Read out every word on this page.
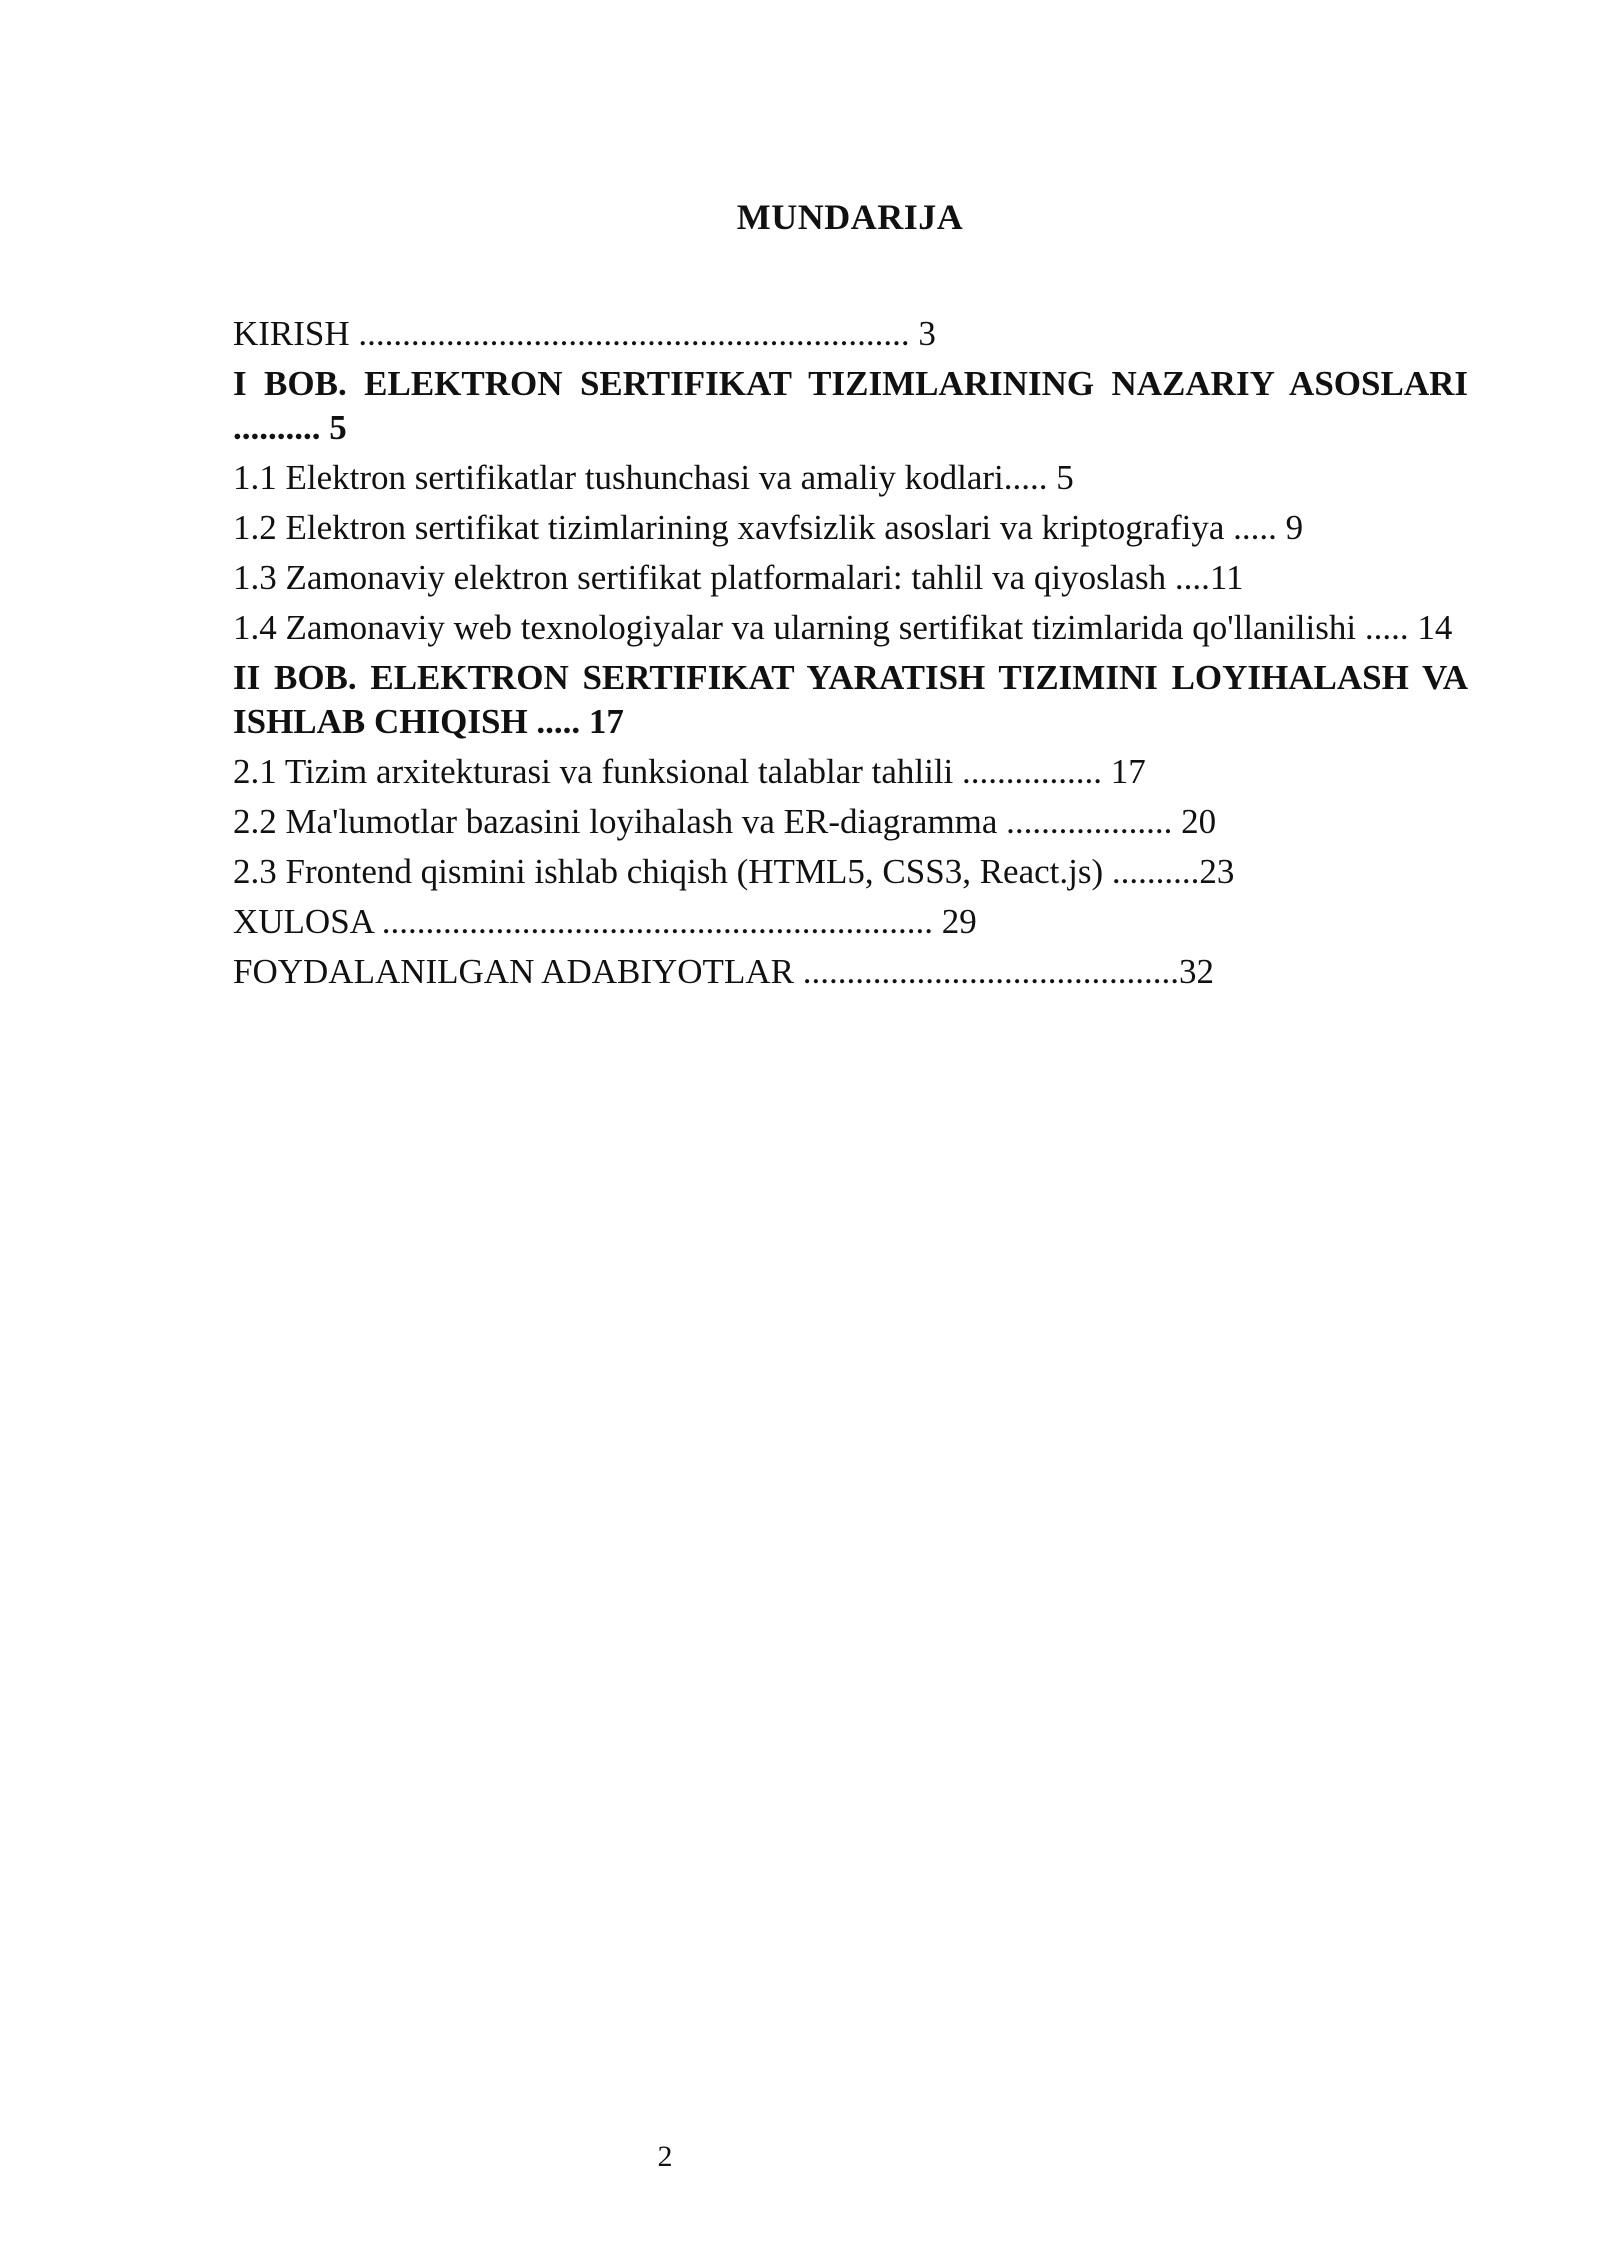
MUNDARIJA

KIRISH ............................................................... 3

I BOB. ELEKTRON SERTIFIKAT TIZIMLARINING NAZARIY ASOSLARI .......... 5

1.1 Elektron sertifikatlar tushunchasi va amaliy kodlari..... 5

1.2 Elektron sertifikat tizimlarining xavfsizlik asoslari va kriptografiya ..... 9

1.3 Zamonaviy elektron sertifikat platformalari: tahlil va qiyoslash ....11

1.4 Zamonaviy web texnologiyalar va ularning sertifikat tizimlarida qo'llanilishi ..... 14

II BOB. ELEKTRON SERTIFIKAT YARATISH TIZIMINI LOYIHALASH VA ISHLAB CHIQISH ..... 17

2.1 Tizim arxitekturasi va funksional talablar tahlili ................ 17

2.2 Ma'lumotlar bazasini loyihalash va ER-diagramma ................... 20

2.3 Frontend qismini ishlab chiqish (HTML5, CSS3, React.js) ..........23

XULOSA ............................................................... 29

FOYDALANILGAN ADABIYOTLAR ...........................................32

2
